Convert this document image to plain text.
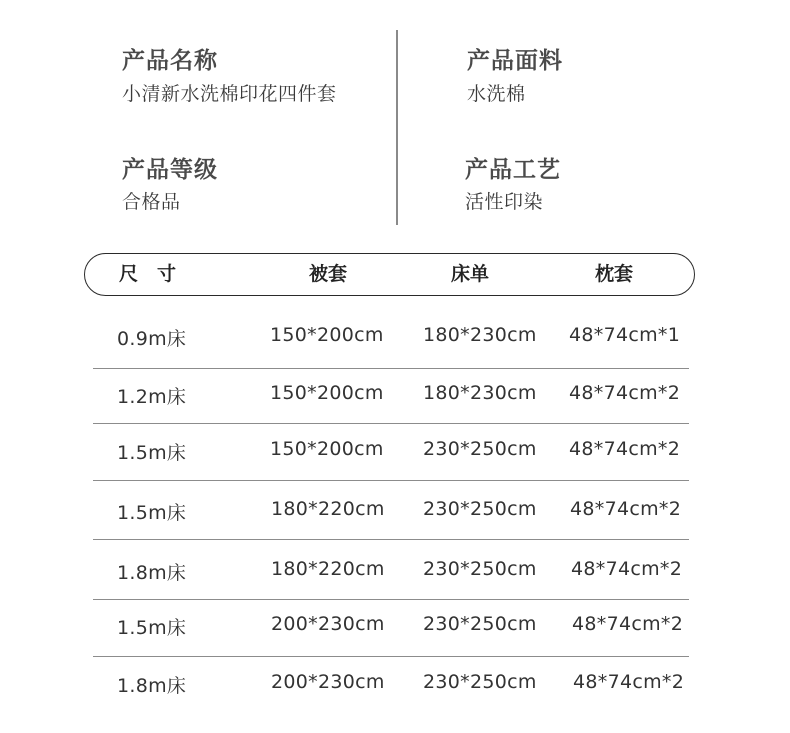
产品名称
小清新水洗棉印花四件套
产品面料
水洗棉
产品等级
合格品
产品工艺
活性印染
尺　寸	被套	床单	枕套
0.9m床	150*200cm 180*230cm 48*74cm*1
1.2m床	150*200cm 180*230cm 48*74cm*2
1.5m床	150*200cm 230*250cm 48*74cm*2
1.5m床	180*220cm 230*250cm 48*74cm*2
1.8m床	180*220cm 230*250cm 48*74cm*2
1.5m床	200*230cm 230*250cm 48*74cm*2
1.8m床	200*230cm 230*250cm 48*74cm*2
